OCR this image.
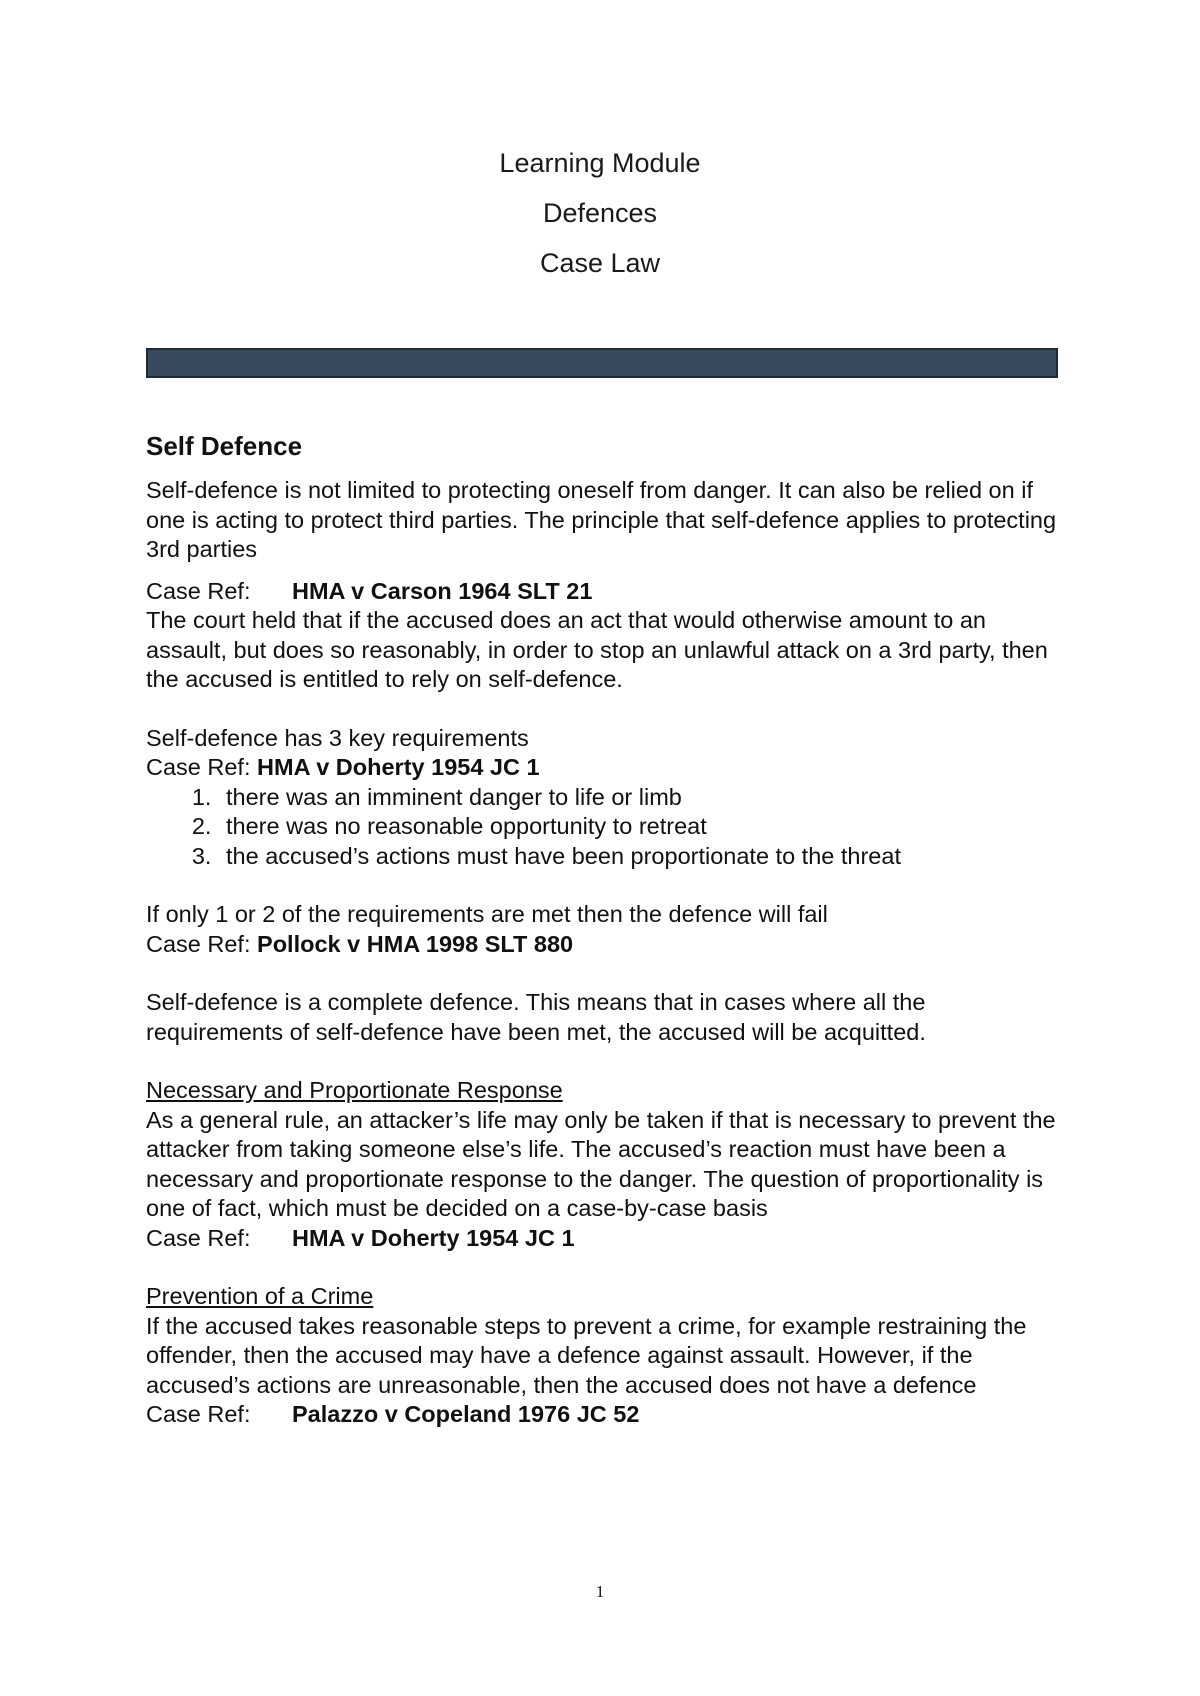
Learning Module
Defences
Case Law
Self Defence

Self-defence is not limited to protecting oneself from danger. It can also be relied on if one is acting to protect third parties. The principle that self-defence applies to protecting 3rd parties

Case Ref: HMA v Carson 1964 SLT 21

The court held that if the accused does an act that would otherwise amount to an assault, but does so reasonably, in order to stop an unlawful attack on a 3rd party, then the accused is entitled to rely on self-defence.

Self-defence has 3 key requirements

Case Ref: HMA v Doherty 1954 JC 1

1. there was an imminent danger to life or limb
2. there was no reasonable opportunity to retreat
3. the accused’s actions must have been proportionate to the threat

If only 1 or 2 of the requirements are met then the defence will fail

Case Ref: Pollock v HMA 1998 SLT 880

Self-defence is a complete defence. This means that in cases where all the requirements of self-defence have been met, the accused will be acquitted.

Necessary and Proportionate Response

As a general rule, an attacker’s life may only be taken if that is necessary to prevent the attacker from taking someone else’s life. The accused’s reaction must have been a necessary and proportionate response to the danger. The question of proportionality is one of fact, which must be decided on a case-by-case basis

Case Ref: HMA v Doherty 1954 JC 1

Prevention of a Crime

If the accused takes reasonable steps to prevent a crime, for example restraining the offender, then the accused may have a defence against assault. However, if the accused’s actions are unreasonable, then the accused does not have a defence

Case Ref: Palazzo v Copeland 1976 JC 52

1
